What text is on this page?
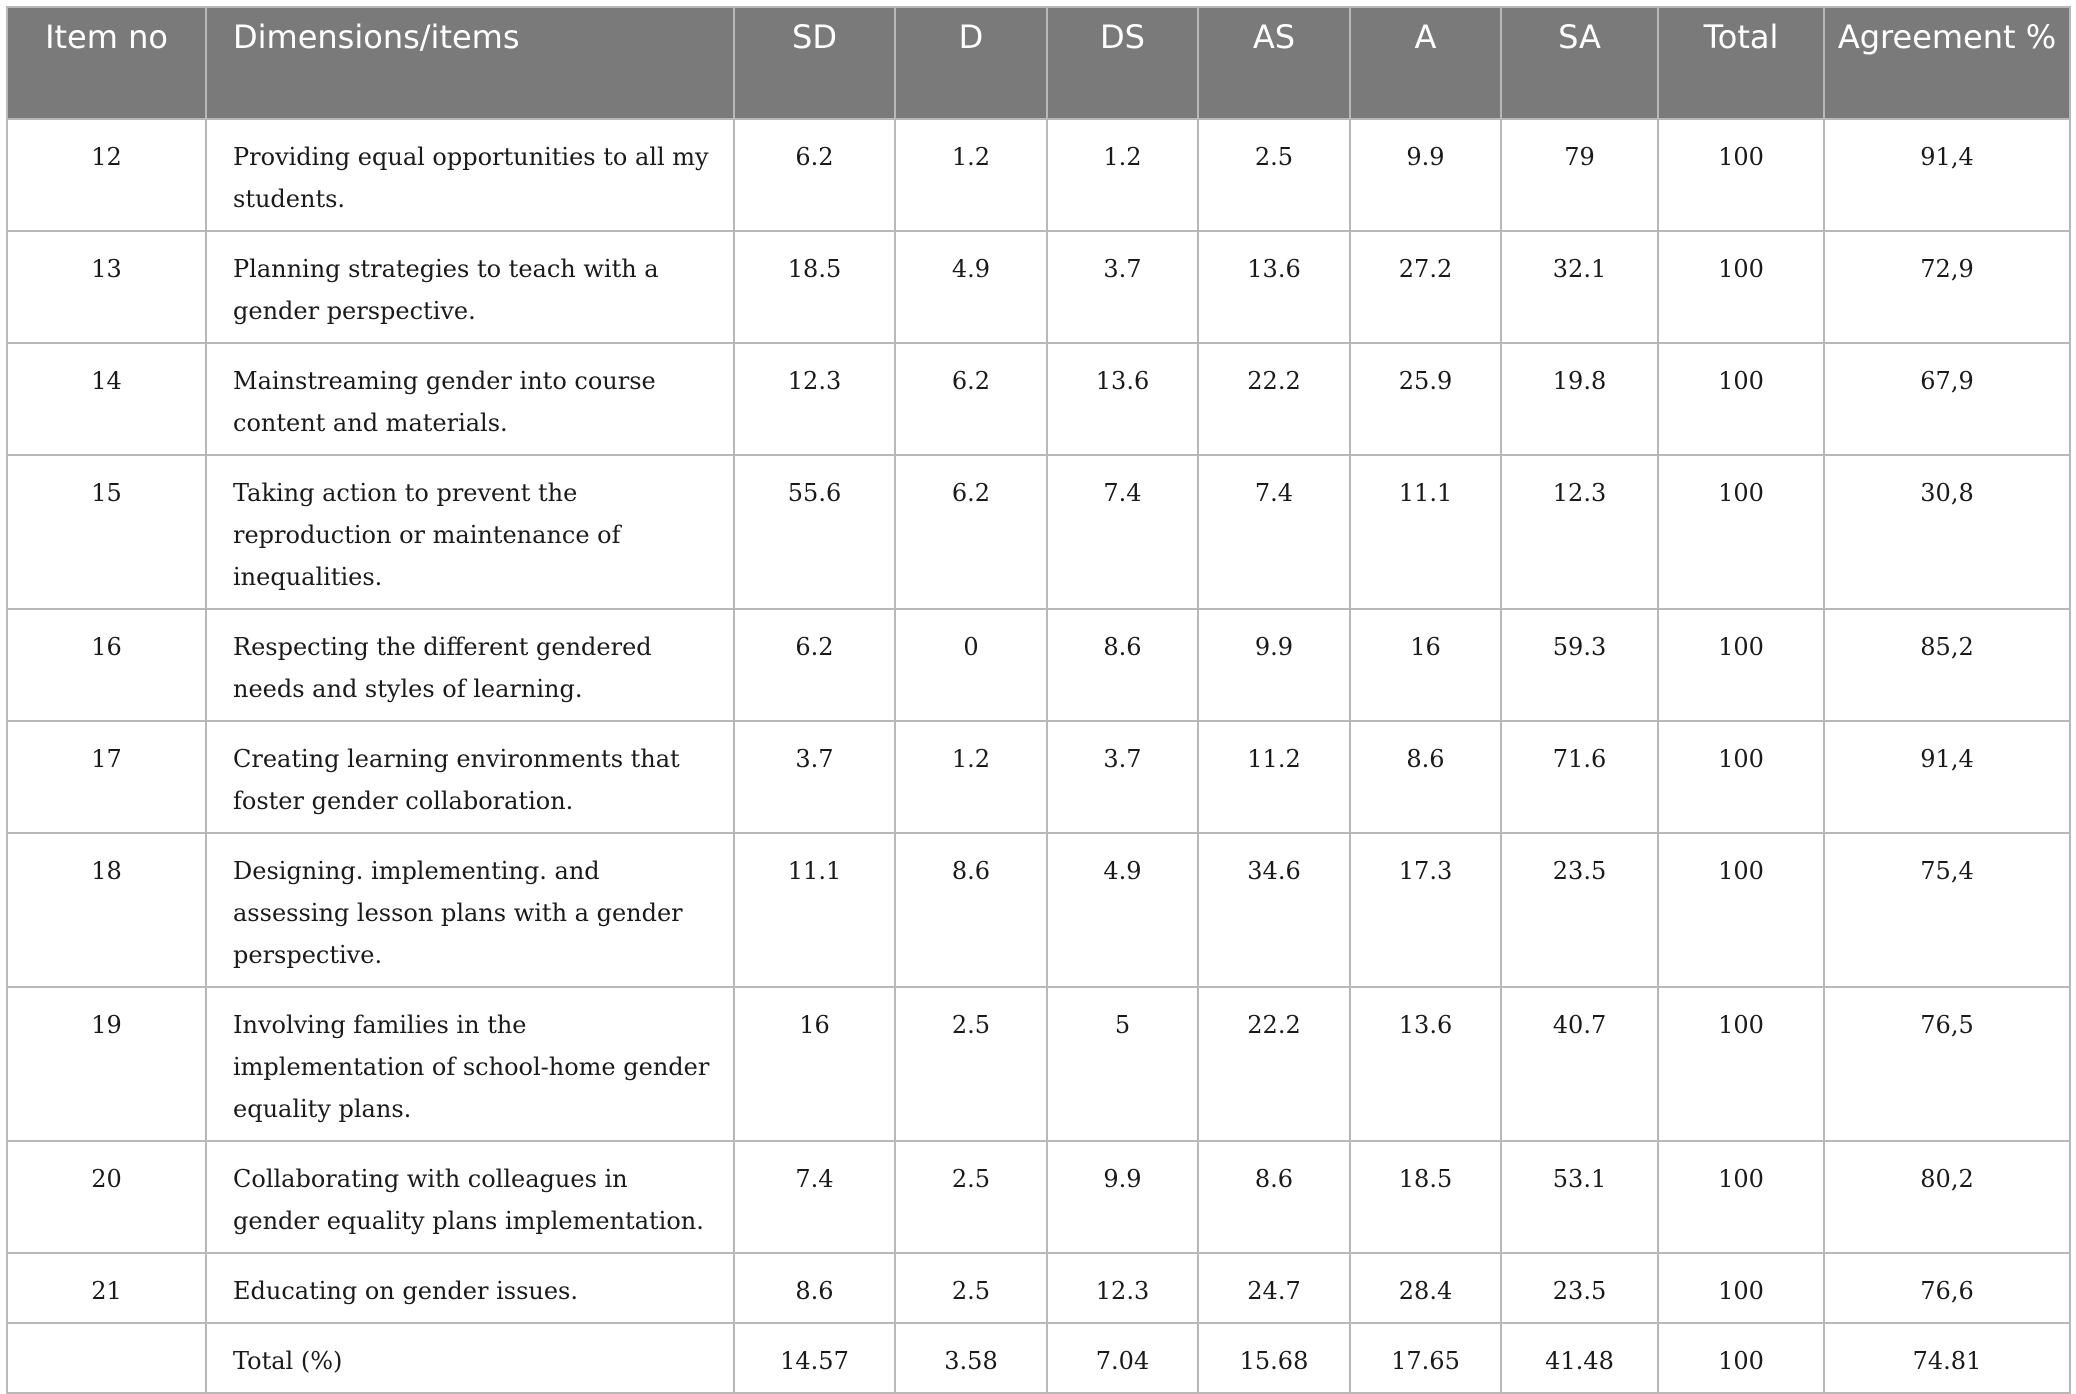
Item no	Dimensions/items	SD	D	DS	AS	A	SA	Total	Agreement %
12	Providing equal opportunities to all my students.	6.2	1.2	1.2	2.5	9.9	79	100	91,4
13	Planning strategies to teach with a gender perspective.	18.5	4.9	3.7	13.6	27.2	32.1	100	72,9
14	Mainstreaming gender into course content and materials.	12.3	6.2	13.6	22.2	25.9	19.8	100	67,9
15	Taking action to prevent the reproduction or maintenance of inequalities.	55.6	6.2	7.4	7.4	11.1	12.3	100	30,8
16	Respecting the different gendered needs and styles of learning.	6.2	0	8.6	9.9	16	59.3	100	85,2
17	Creating learning environments that foster gender collaboration.	3.7	1.2	3.7	11.2	8.6	71.6	100	91,4
18	Designing. implementing. and assessing lesson plans with a gender perspective.	11.1	8.6	4.9	34.6	17.3	23.5	100	75,4
19	Involving families in the implementation of school-home gender equality plans.	16	2.5	5	22.2	13.6	40.7	100	76,5
20	Collaborating with colleagues in gender equality plans implementation.	7.4	2.5	9.9	8.6	18.5	53.1	100	80,2
21	Educating on gender issues.	8.6	2.5	12.3	24.7	28.4	23.5	100	76,6
	Total (%)	14.57	3.58	7.04	15.68	17.65	41.48	100	74.81
